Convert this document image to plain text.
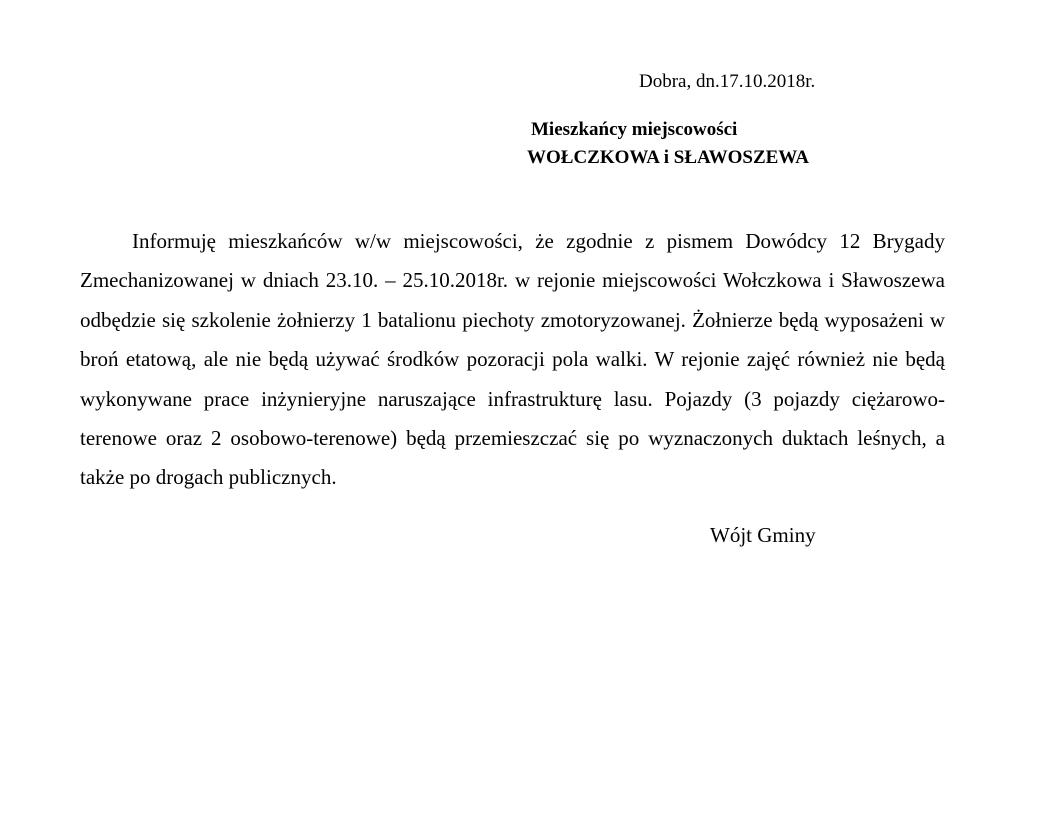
Dobra, dn.17.10.2018r.
Mieszkańcy miejscowości
WOŁCZKOWA i SŁAWOSZEWA

Informuję mieszkańców w/w miejscowości, że zgodnie z pismem Dowódcy 12 Brygady Zmechanizowanej w dniach 23.10. – 25.10.2018r. w rejonie miejscowości Wołczkowa i Sławoszewa odbędzie się szkolenie żołnierzy 1 batalionu piechoty zmotoryzowanej. Żołnierze będą wyposażeni w broń etatową, ale nie będą używać środków pozoracji pola walki. W rejonie zajęć również nie będą wykonywane prace inżynieryjne naruszające infrastrukturę lasu. Pojazdy (3 pojazdy ciężarowo-terenowe oraz 2 osobowo-terenowe) będą przemieszczać się po wyznaczonych duktach leśnych, a także po drogach publicznych.

Wójt Gminy
